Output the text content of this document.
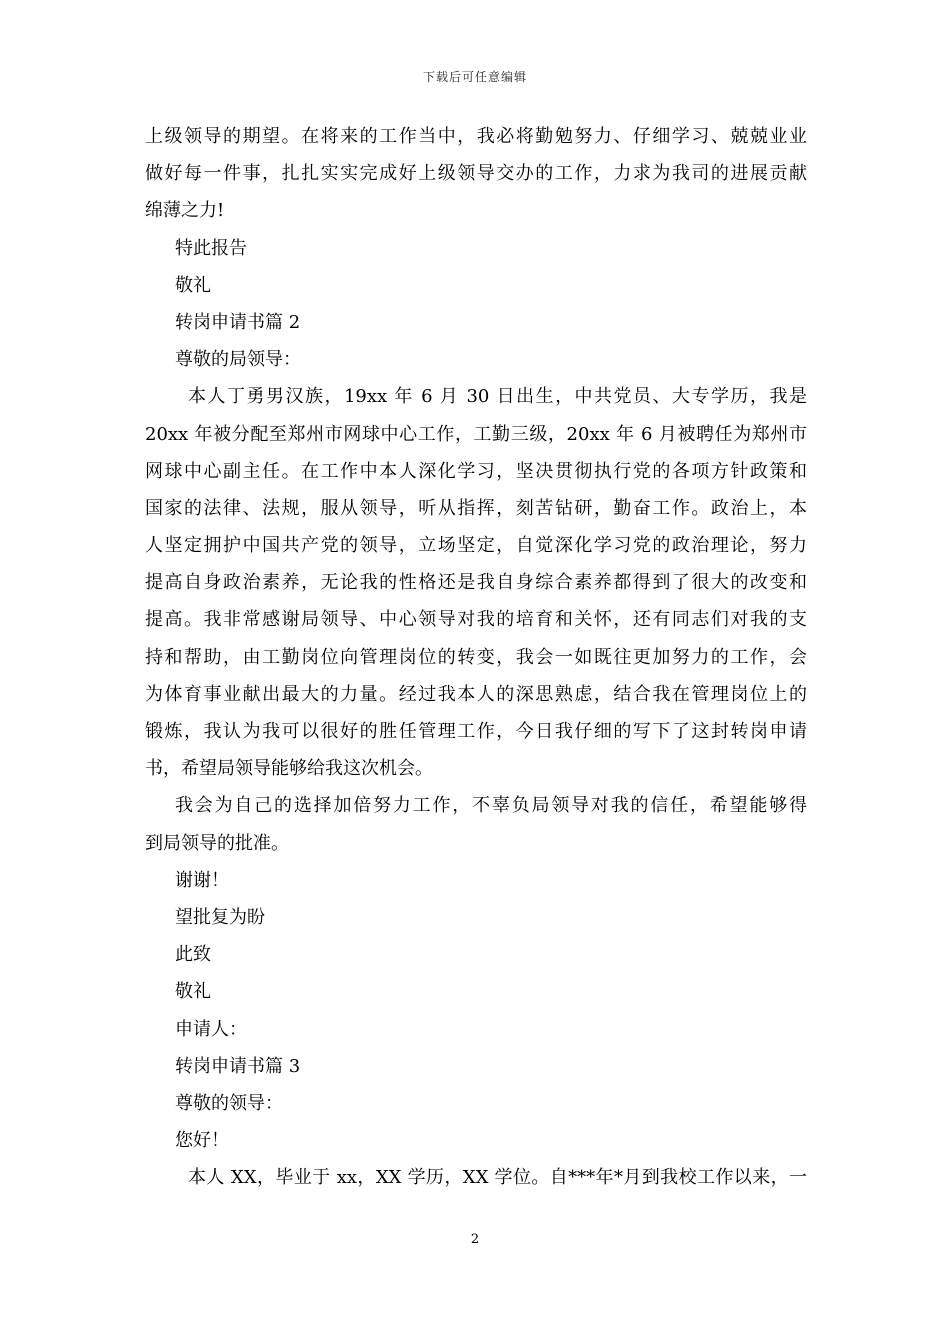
下载后可任意编辑
上级领导的期望。在将来的工作当中，我必将勤勉努力、仔细学习、兢兢业业
做好每一件事，扎扎实实完成好上级领导交办的工作，力求为我司的进展贡献
绵薄之力!
特此报告
敬礼
转岗申请书篇 2
尊敬的局领导：
本人丁勇男汉族，19xx 年 6 月 30 日出生，中共党员、大专学历，我是
20xx 年被分配至郑州市网球中心工作，工勤三级，20xx 年 6 月被聘任为郑州市
网球中心副主任。在工作中本人深化学习，坚决贯彻执行党的各项方针政策和
国家的法律、法规，服从领导，听从指挥，刻苦钻研，勤奋工作。政治上，本
人坚定拥护中国共产党的领导，立场坚定，自觉深化学习党的政治理论，努力
提高自身政治素养，无论我的性格还是我自身综合素养都得到了很大的改变和
提高。我非常感谢局领导、中心领导对我的培育和关怀，还有同志们对我的支
持和帮助，由工勤岗位向管理岗位的转变，我会一如既往更加努力的工作，会
为体育事业献出最大的力量。经过我本人的深思熟虑，结合我在管理岗位上的
锻炼，我认为我可以很好的胜任管理工作，今日我仔细的写下了这封转岗申请
书，希望局领导能够给我这次机会。
我会为自己的选择加倍努力工作，不辜负局领导对我的信任，希望能够得
到局领导的批准。
谢谢！
望批复为盼
此致
敬礼
申请人：
转岗申请书篇 3
尊敬的领导：
您好！
本人 XX，毕业于 xx，XX 学历，XX 学位。自***年*月到我校工作以来，一
2
